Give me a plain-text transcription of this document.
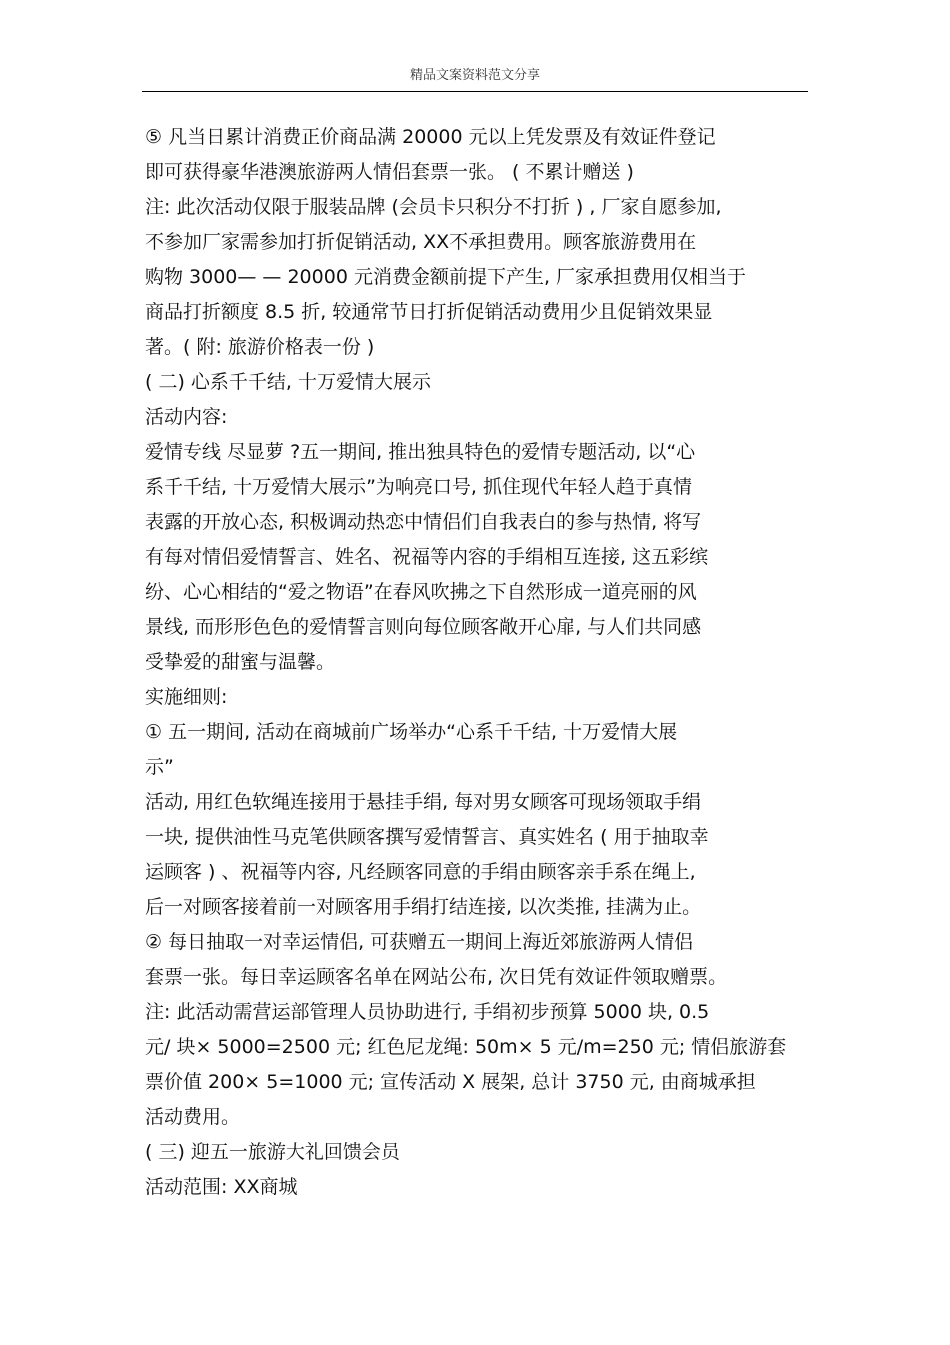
精品文案资料范文分享
⑤ 凡当日累计消费正价商品满 20000 元以上凭发票及有效证件登记
即可获得豪华港澳旅游两人情侣套票一张。 ( 不累计赠送 )
注: 此次活动仅限于服装品牌 (会员卡只积分不打折 ) , 厂家自愿参加,
不参加厂家需参加打折促销活动, XX不承担费用。顾客旅游费用在
购物 3000— — 20000 元消费金额前提下产生, 厂家承担费用仅相当于
商品打折额度 8.5 折, 较通常节日打折促销活动费用少且促销效果显
著。( 附: 旅游价格表一份 )
( 二) 心系千千结, 十万爱情大展示
活动内容:
爱情专线 尽显萝 ?五一期间, 推出独具特色的爱情专题活动, 以“心
系千千结, 十万爱情大展示”为响亮口号, 抓住现代年轻人趋于真情
表露的开放心态, 积极调动热恋中情侣们自我表白的参与热情, 将写
有每对情侣爱情誓言、姓名、祝福等内容的手绢相互连接, 这五彩缤
纷、心心相结的“爱之物语”在春风吹拂之下自然形成一道亮丽的风
景线, 而形形色色的爱情誓言则向每位顾客敞开心扉, 与人们共同感
受挚爱的甜蜜与温馨。
实施细则:
① 五一期间, 活动在商城前广场举办“心系千千结, 十万爱情大展
示”
活动, 用红色软绳连接用于悬挂手绢, 每对男女顾客可现场领取手绢
一块, 提供油性马克笔供顾客撰写爱情誓言、真实姓名 ( 用于抽取幸
运顾客 ) 、祝福等内容, 凡经顾客同意的手绢由顾客亲手系在绳上,
后一对顾客接着前一对顾客用手绢打结连接, 以次类推, 挂满为止。
② 每日抽取一对幸运情侣, 可获赠五一期间上海近郊旅游两人情侣
套票一张。每日幸运顾客名单在网站公布, 次日凭有效证件领取赠票。
注: 此活动需营运部管理人员协助进行, 手绢初步预算 5000 块, 0.5
元/ 块× 5000=2500 元; 红色尼龙绳: 50m× 5 元/m=250 元; 情侣旅游套
票价值 200× 5=1000 元; 宣传活动 X 展架, 总计 3750 元, 由商城承担
活动费用。
( 三) 迎五一旅游大礼回馈会员
活动范围: XX商城
